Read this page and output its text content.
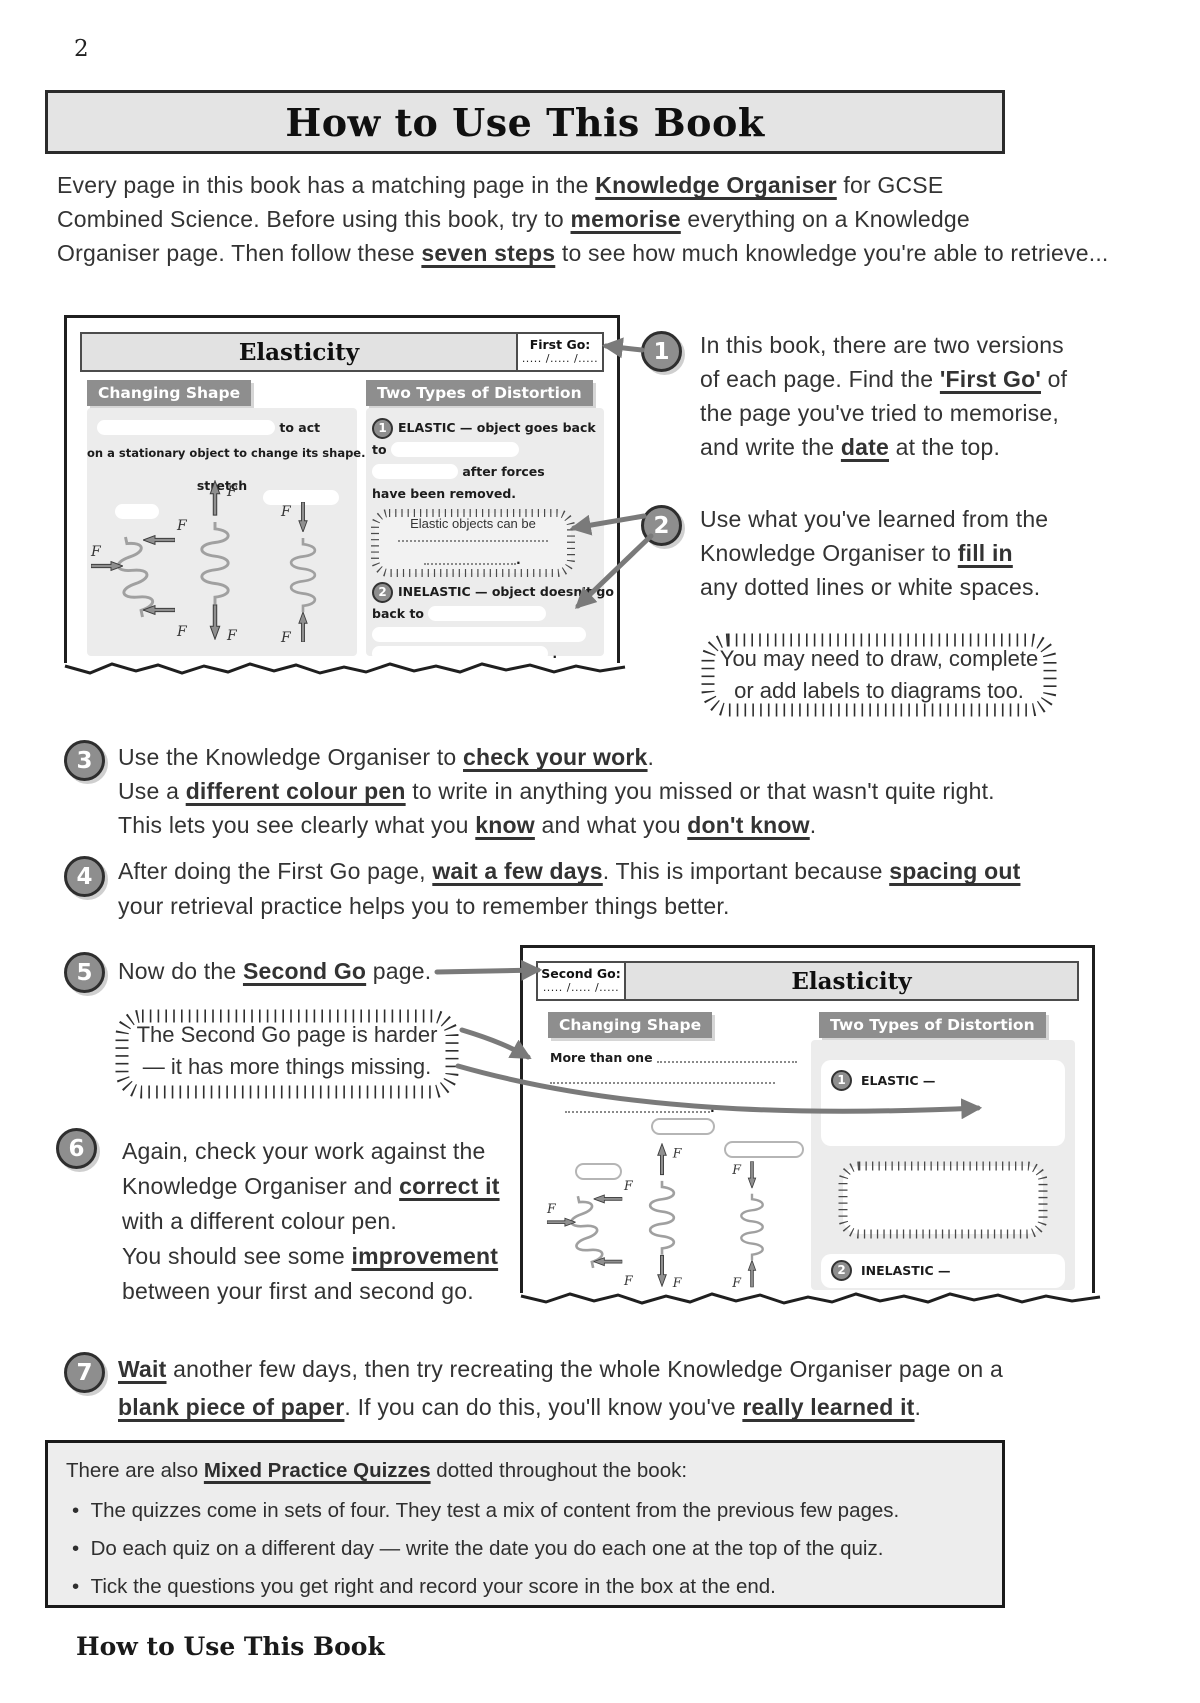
2
How to Use This Book
Every page in this book has a matching page in the Knowledge Organiser for GCSE
Combined Science. Before using this book, try to memorise everything on a Knowledge
Organiser page. Then follow these seven steps to see how much knowledge you're able to retrieve...
Elasticity	First Go:
..... /..... /.....
Changing Shape
to act
on a stationary object to change its shape.
stretch
Two Types of Distortion
1 ELASTIC — object goes back
to
after forces
have been removed.
Elastic objects can be
.
2 INELASTIC — object doesn't go
back to
.
1 In this book, there are two versions
of each page. Find the 'First Go' of
the page you've tried to memorise,
and write the date at the top.
2 Use what you've learned from the
Knowledge Organiser to fill in
any dotted lines or white spaces.
You may need to draw, complete
or add labels to diagrams too.
3 Use the Knowledge Organiser to check your work.
Use a different colour pen to write in anything you missed or that wasn't quite right.
This lets you see clearly what you know and what you don't know.
4 After doing the First Go page, wait a few days. This is important because spacing out
your retrieval practice helps you to remember things better.
5 Now do the Second Go page.
The Second Go page is harder
— it has more things missing.
6 Again, check your work against the
Knowledge Organiser and correct it
with a different colour pen.
You should see some improvement
between your first and second go.
Second Go:
..... /..... /.....	Elasticity
Changing Shape
More than one
.
Two Types of Distortion
1	ELASTIC —
2	INELASTIC —
7 Wait another few days, then try recreating the whole Knowledge Organiser page on a
blank piece of paper. If you can do this, you'll know you've really learned it.
There are also Mixed Practice Quizzes dotted throughout the book:
• The quizzes come in sets of four. They test a mix of content from the previous few pages.
• Do each quiz on a different day — write the date you do each one at the top of the quiz.
• Tick the questions you get right and record your score in the box at the end.
How to Use This Book
